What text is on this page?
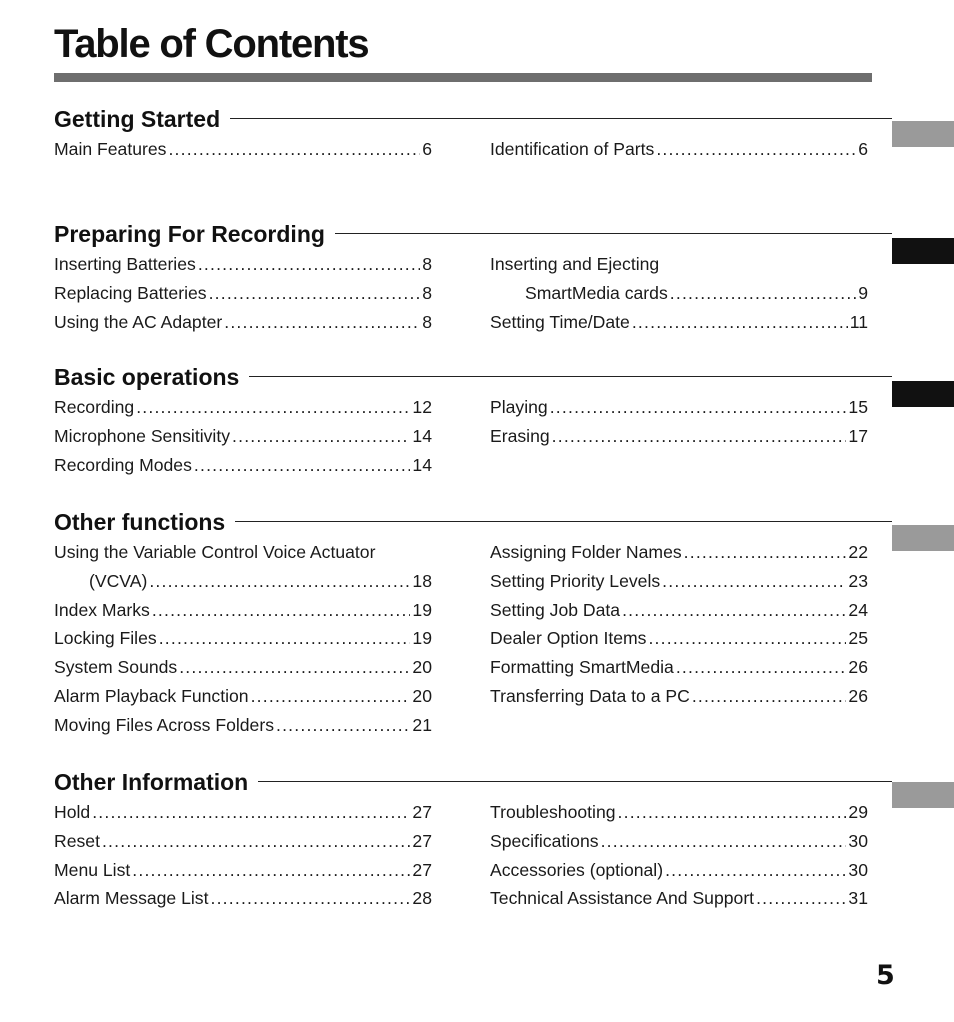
Table of Contents
Getting Started
Main Features .....	6	Identification of Parts .....	6
Preparing For Recording
Inserting Batteries .....	8
Replacing Batteries .....	8
Using the AC Adapter .....	8
Inserting and Ejecting
SmartMedia cards .....	9
Setting Time/Date .....	11
Basic operations
Recording .....	12
Microphone Sensitivity .....	14
Recording Modes .....	14
Playing .....	15
Erasing .....	17
Other functions
Using the Variable Control Voice Actuator
(VCVA) .....	18
Index Marks .....	19
Locking Files .....	19
System Sounds .....	20
Alarm Playback Function .....	20
Moving Files Across Folders .....	21
Assigning Folder Names .....	22
Setting Priority Levels .....	23
Setting Job Data .....	24
Dealer Option Items .....	25
Formatting SmartMedia .....	26
Transferring Data to a PC .....	26
Other Information
Hold .....	27
Reset .....	27
Menu List .....	27
Alarm Message List .....	28
Troubleshooting .....	29
Specifications .....	30
Accessories (optional) .....	30
Technical Assistance And Support .....	31
5
